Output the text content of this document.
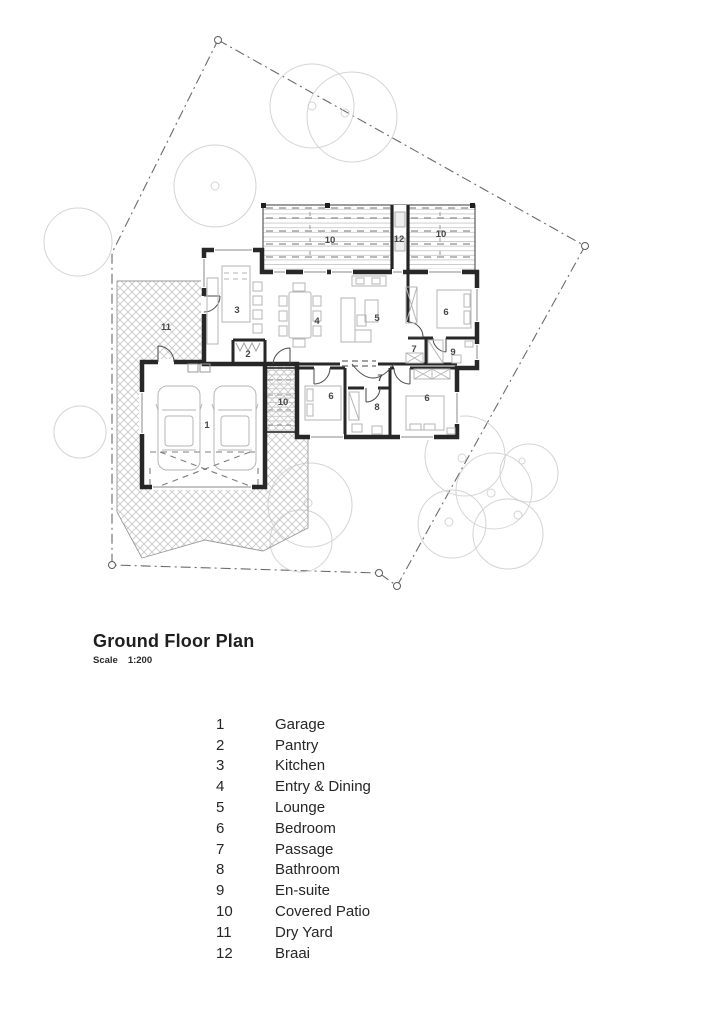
10	12	10
3
4	5
6
2	7	9
11
7
6
8
6
1
10
Ground Floor Plan
Scale 1:200
1	Garage
2	Pantry
3	Kitchen
4	Entry & Dining
5	Lounge
6	Bedroom
7	Passage
8	Bathroom
9	En-suite
10	Covered Patio
11	Dry Yard
12	Braai
